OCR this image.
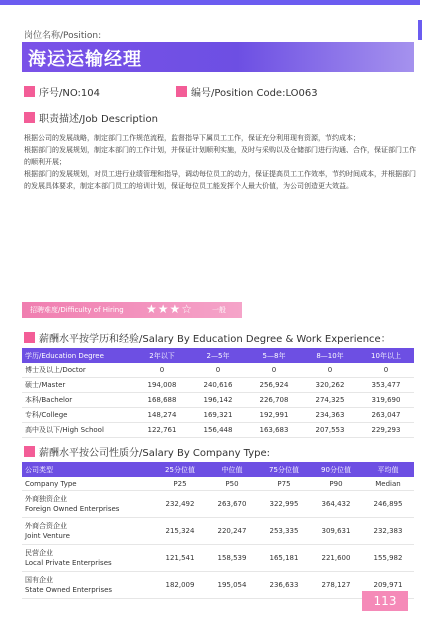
岗位名称/Position:
海运运输经理
序号/NO:104	编号/Position Code:LO063
职责描述/Job Description

根据公司的发展战略，制定部门工作规范流程，监督指导下属员工工作，保证充分利用现有资源，节约成本；

根据部门的发展规划，制定本部门的工作计划，并保证计划顺利实施，及时与采购以及仓储部门进行沟通、合作，保证部门工作的顺利开展；

根据部门的发展规划，对员工进行业绩管理和指导，调动每位员工的动力，保证提高员工工作效率，节约时间成本，并根据部门的发展具体要求，制定本部门员工的培训计划，保证每位员工能发挥个人最大价值，为公司创造更大效益。

招聘难度/Difficulty of Hiring ★★★☆	一般
薪酬水平按学历和经验/Salary By Education Degree & Work Experience：
学历/Education Degree	2年以下	2—5年	5—8年	8—10年	10年以上
博士及以上/Doctor	0	0	0	0	0
硕士/Master	194,008	240,616	256,924	320,262	353,477
本科/Bachelor	168,688	196,142	226,708	274,325	319,690
专科/College	148,274	169,321	192,991	234,363	263,047
高中及以下/High School	122,761	156,448	163,683	207,553	229,293
薪酬水平按公司性质分/Salary By Company Type:
公司类型	25分位值	中位值	75分位值	90分位值	平均值
Company Type	P25	P50	P75	P90	Median

外商独资企业
Foreign Owned Enterprises	232,492	263,670	322,995	364,432	246,895

外商合资企业
Joint Venture	215,324	220,247	253,335	309,631	232,383

民营企业
Local Private Enterprises	121,541	158,539	165,181	221,600	155,982

国有企业
State Owned Enterprises	182,009	195,054	236,633	278,127	209,971
113
